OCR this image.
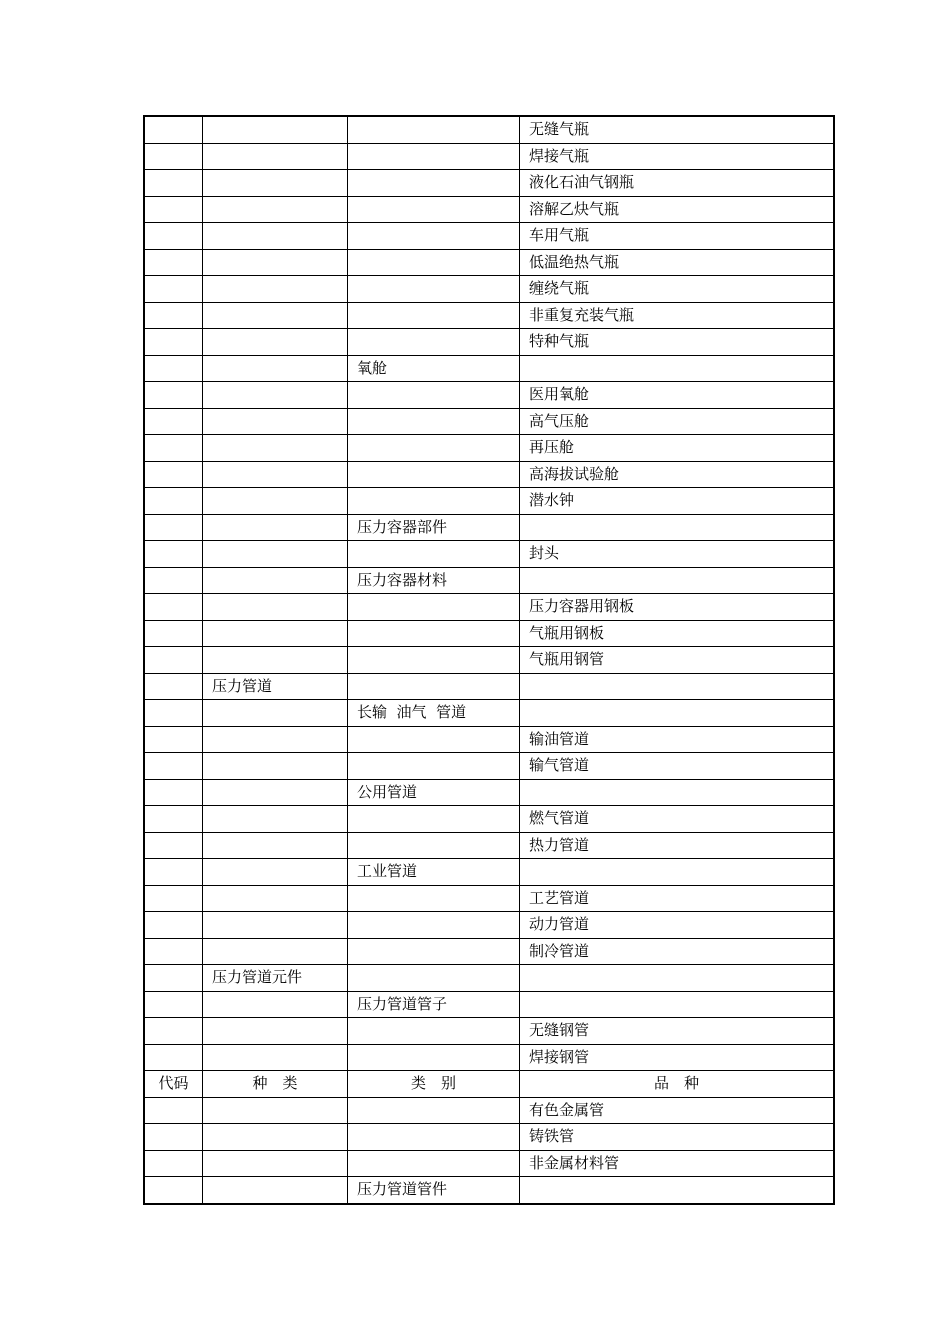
			无缝气瓶
			焊接气瓶
			液化石油气钢瓶
			溶解乙炔气瓶
			车用气瓶
			低温绝热气瓶
			缠绕气瓶
			非重复充装气瓶
			特种气瓶
		氧舱	
			医用氧舱
			高气压舱
			再压舱
			高海拔试验舱
			潜水钟
		压力容器部件	
			封头
		压力容器材料	
			压力容器用钢板
			气瓶用钢板
			气瓶用钢管
	压力管道		
		长输  油气  管道	
			输油管道
			输气管道
		公用管道	
			燃气管道
			热力管道
		工业管道	
			工艺管道
			动力管道
			制冷管道
	压力管道元件		
		压力管道管子	
			无缝钢管
			焊接钢管
代码	种　类	类　别	品　种
			有色金属管
			铸铁管
			非金属材料管
		压力管道管件	
